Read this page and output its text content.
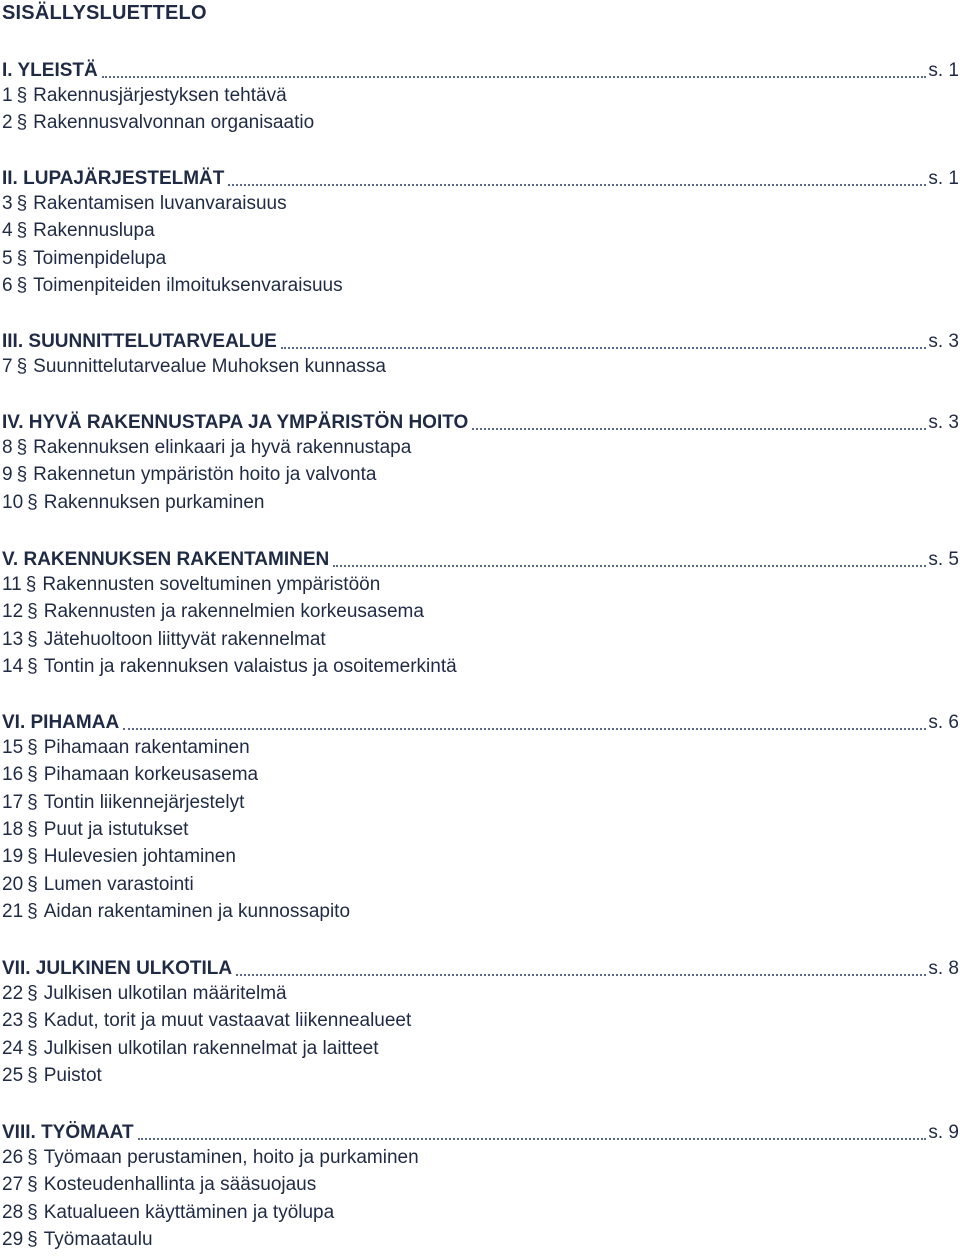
SISÄLLYSLUETTELO
I. YLEISTÄ	s. 1
1 § Rakennusjärjestyksen tehtävä
2 § Rakennusvalvonnan organisaatio
II. LUPAJÄRJESTELMÄT	s. 1
3 § Rakentamisen luvanvaraisuus
4 § Rakennuslupa
5 § Toimenpidelupa
6 § Toimenpiteiden ilmoituksenvaraisuus
III. SUUNNITTELUTARVEALUE	s. 3
7 § Suunnittelutarvealue Muhoksen kunnassa
IV. HYVÄ RAKENNUSTAPA JA YMPÄRISTÖN HOITO	s. 3
8 § Rakennuksen elinkaari ja hyvä rakennustapa
9 § Rakennetun ympäristön hoito ja valvonta
10 § Rakennuksen purkaminen
V. RAKENNUKSEN RAKENTAMINEN	s. 5
11 § Rakennusten soveltuminen ympäristöön
12 § Rakennusten ja rakennelmien korkeusasema
13 § Jätehuoltoon liittyvät rakennelmat
14 § Tontin ja rakennuksen valaistus ja osoitemerkintä
VI. PIHAMAA	s. 6
15 § Pihamaan rakentaminen
16 § Pihamaan korkeusasema
17 § Tontin liikennejärjestelyt
18 § Puut ja istutukset
19 § Hulevesien johtaminen
20 § Lumen varastointi
21 § Aidan rakentaminen ja kunnossapito
VII. JULKINEN ULKOTILA	s. 8
22 § Julkisen ulkotilan määritelmä
23 § Kadut, torit ja muut vastaavat liikennealueet
24 § Julkisen ulkotilan rakennelmat ja laitteet
25 § Puistot
VIII. TYÖMAAT	s. 9
26 § Työmaan perustaminen, hoito ja purkaminen
27 § Kosteudenhallinta ja sääsuojaus
28 § Katualueen käyttäminen ja työlupa
29 § Työmaataulu
